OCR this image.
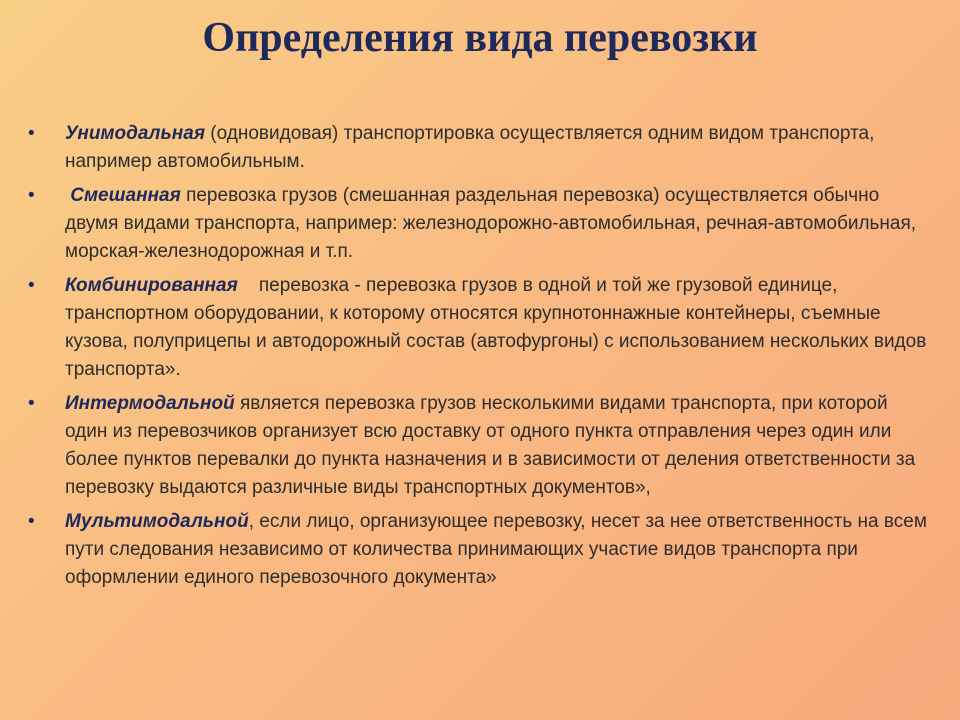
Определения вида перевозки
•	Унимодальная (одновидовая) транспортировка осуществляется одним видом транспорта, например автомобильным.
•	Смешанная перевозка грузов (смешанная раздельная перевозка) осуществляется обычно двумя видами транспорта, например: железнодорожно-автомобильная, речная-автомобильная, морская-железнодорожная и т.п.
•	Комбинированная    перевозка - перевозка грузов в одной и той же грузовой единице, транспортном оборудовании, к которому относятся крупнотоннажные контейнеры, съемные кузова, полуприцепы и автодорожный состав (автофургоны) с использованием нескольких видов транспорта».
•	Интермодальной является перевозка грузов несколькими видами транспорта, при которой один из перевозчиков организует всю доставку от одного пункта отправления через один или более пунктов перевалки до пункта назначения и в зависимости от деления ответственности за перевозку выдаются различные виды транспортных документов»,
•	Мультимодальной, если лицо, организующее перевозку, несет за нее ответственность на всем пути следования независимо от количества принимающих участие видов транспорта при оформлении единого перевозочного документа»
